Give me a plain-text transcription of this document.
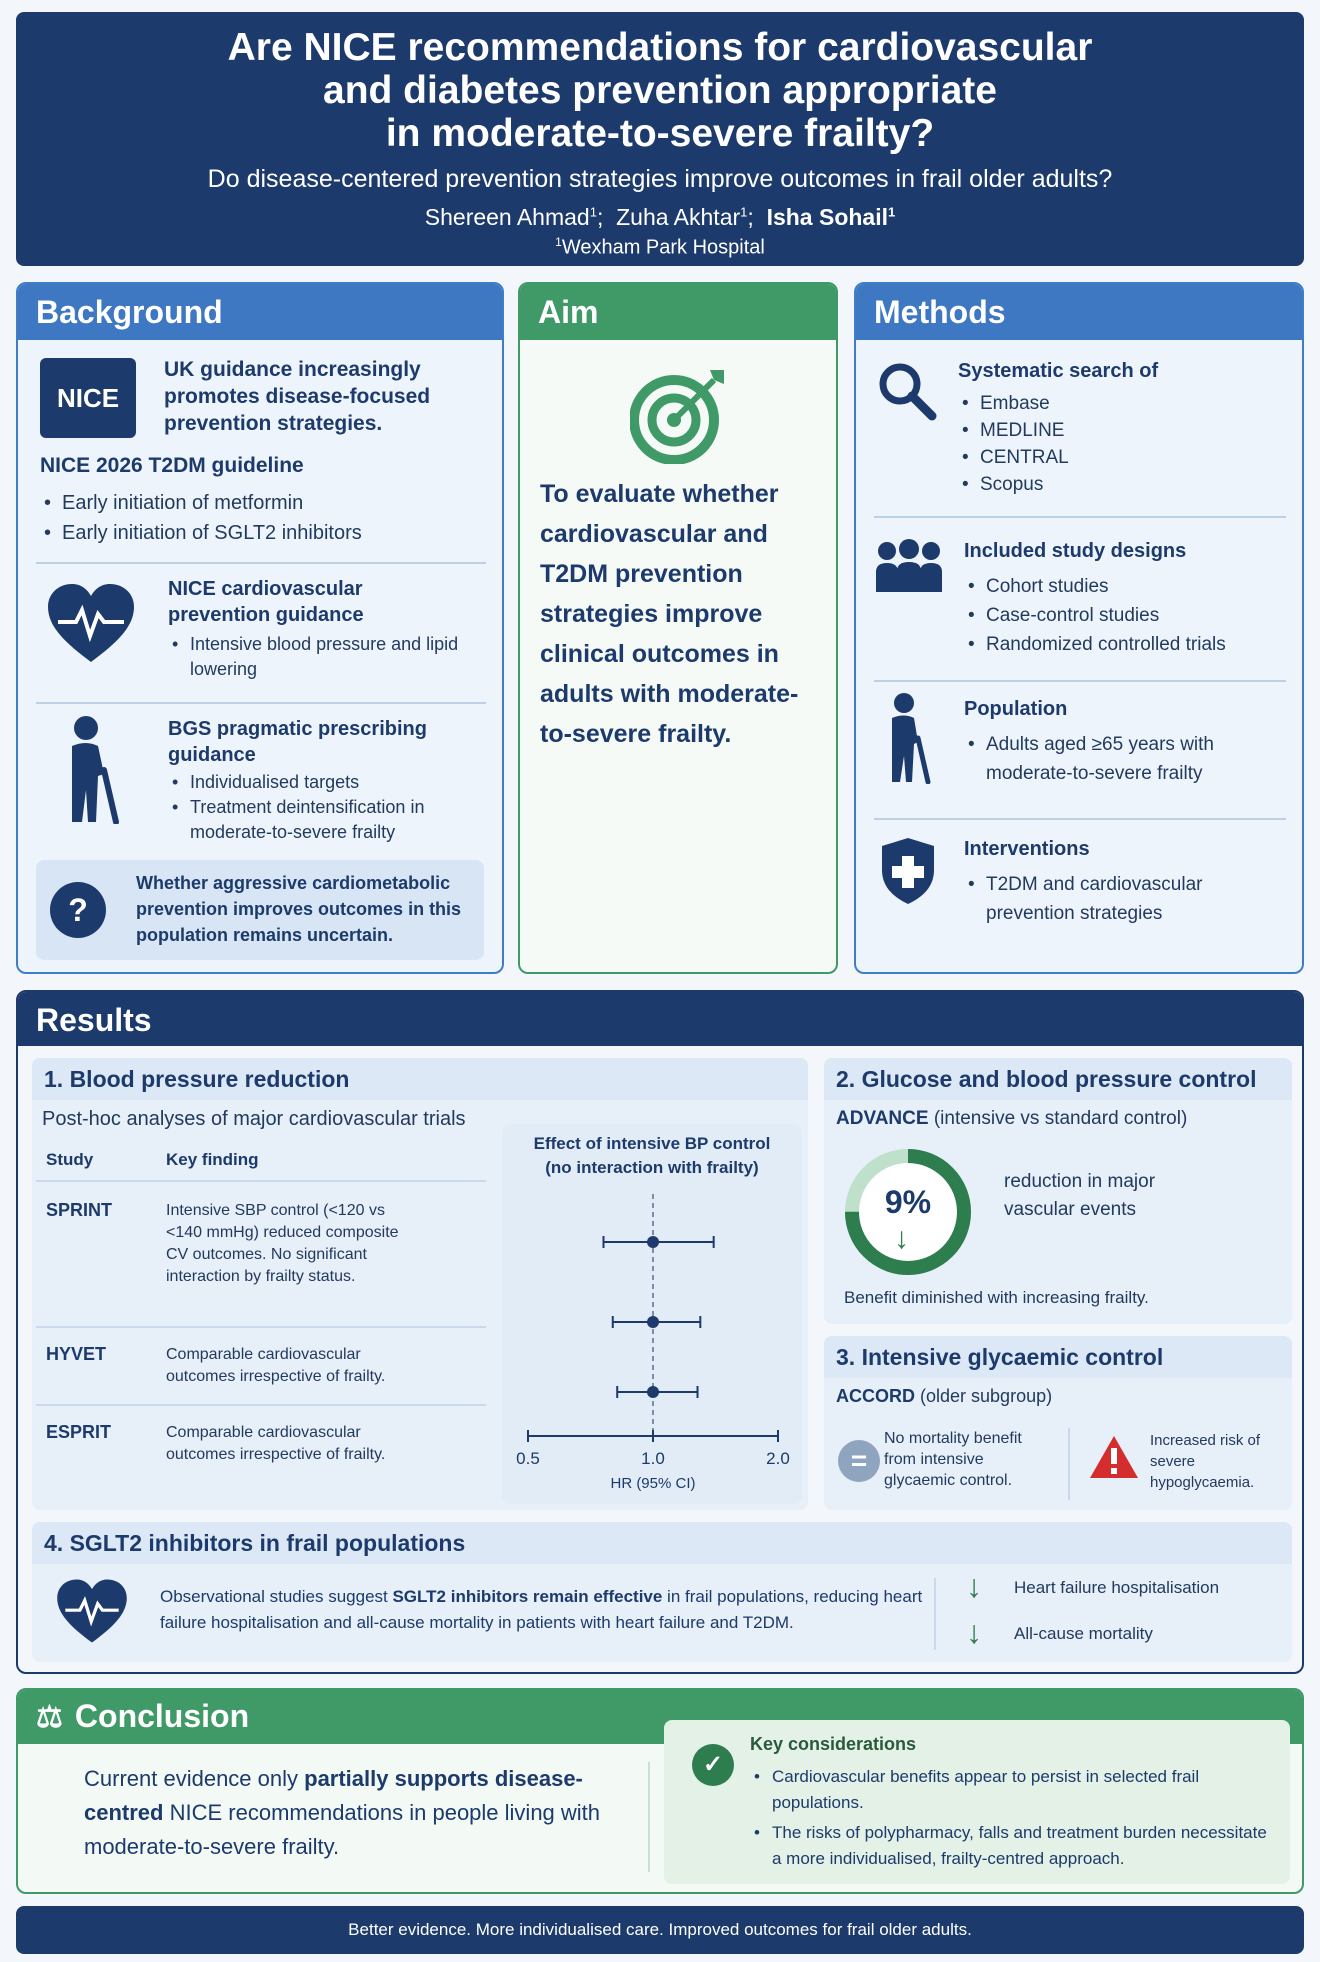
Are NICE recommendations for cardiovascular
and diabetes prevention appropriate
in moderate-to-severe frailty?
Do disease-centered prevention strategies improve outcomes in frail older adults?
Shereen Ahmad$^1$;  Zuha Akhtar$^1$;  Isha Sohail$^1$
$^1$Wexham Park Hospital
Background
NICE
UK guidance increasingly promotes disease-focused prevention strategies.
NICE 2026 T2DM guideline
• Early initiation of metformin
• Early initiation of SGLT2 inhibitors
NICE cardiovascular prevention guidance
• Intensive blood pressure and lipid lowering
BGS pragmatic prescribing guidance
• Individualised targets
• Treatment deintensification in moderate-to-severe frailty
?
Whether aggressive cardiometabolic prevention improves outcomes in this population remains uncertain.
Aim
To evaluate whether cardiovascular and T2DM prevention strategies improve clinical outcomes in adults with moderate-to-severe frailty.
Methods
Systematic search of
• Embase
• MEDLINE
• CENTRAL
• Scopus
Included study designs
• Cohort studies
• Case-control studies
• Randomized controlled trials
Population
• Adults aged ≥65 years with moderate-to-severe frailty
Interventions
• T2DM and cardiovascular prevention strategies
Results
1. Blood pressure reduction
Post-hoc analyses of major cardiovascular trials
Study	Key finding
SPRINT	Intensive SBP control (<120 vs <140 mmHg) reduced composite CV outcomes. No significant interaction by frailty status.
HYVET	Comparable cardiovascular outcomes irrespective of frailty.
ESPRIT	Comparable cardiovascular outcomes irrespective of frailty.
Effect of intensive BP control
(no interaction with frailty)
0.5	1.0	2.0
HR (95% CI)
2. Glucose and blood pressure control
ADVANCE (intensive vs standard control)
9%
↓
reduction in major vascular events
Benefit diminished with increasing frailty.
3. Intensive glycaemic control
ACCORD (older subgroup)
=
No mortality benefit from intensive glycaemic control.
Increased risk of severe hypoglycaemia.
4. SGLT2 inhibitors in frail populations
Observational studies suggest SGLT2 inhibitors remain effective in frail populations, reducing heart failure hospitalisation and all-cause mortality in patients with heart failure and T2DM.
↓ Heart failure hospitalisation
↓ All-cause mortality
⚖ Conclusion
Current evidence only partially supports disease-centred NICE recommendations in people living with moderate-to-severe frailty.
✓
Key considerations
• Cardiovascular benefits appear to persist in selected frail populations.
• The risks of polypharmacy, falls and treatment burden necessitate a more individualised, frailty-centred approach.
Better evidence. More individualised care. Improved outcomes for frail older adults.
